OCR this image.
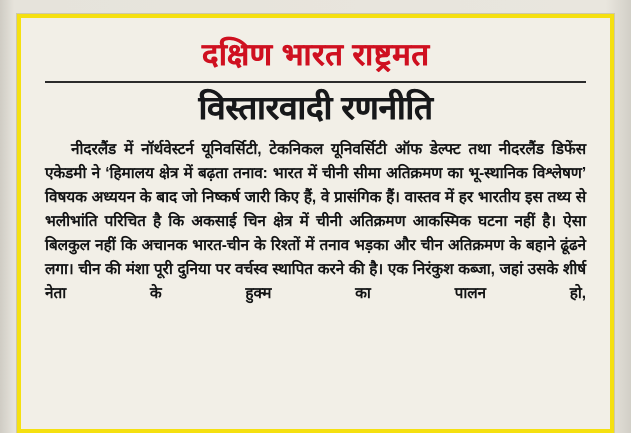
दक्षिण भारत राष्ट्रमत
विस्तारवादी रणनीति

नीदरलैंड में नॉर्थवेस्टर्न यूनिवर्सिटी, टेकनिकल यूनिवर्सिटी ऑफ डेल्फ्ट तथा नीदरलैंड डिफेंस एकेडमी ने ‘हिमालय क्षेत्र में बढ़ता तनाव: भारत में चीनी सीमा अतिक्रमण का भू-स्थानिक विश्लेषण’ विषयक अध्ययन के बाद जो निष्कर्ष जारी किए हैं, वे प्रासंगिक हैं। वास्तव में हर भारतीय इस तथ्य से भलीभांति परिचित है कि अकसाई चिन क्षेत्र में चीनी अतिक्रमण आकस्मिक घटना नहीं है। ऐसा बिलकुल नहीं कि अचानक भारत-चीन के रिश्तों में तनाव भड़का और चीन अतिक्रमण के बहाने ढूंढने लगा। चीन की मंशा पूरी दुनिया पर वर्चस्व स्थापित करने की है। एक निरंकुश कब्जा, जहां उसके शीर्ष नेता के हुक्म का पालन हो,
